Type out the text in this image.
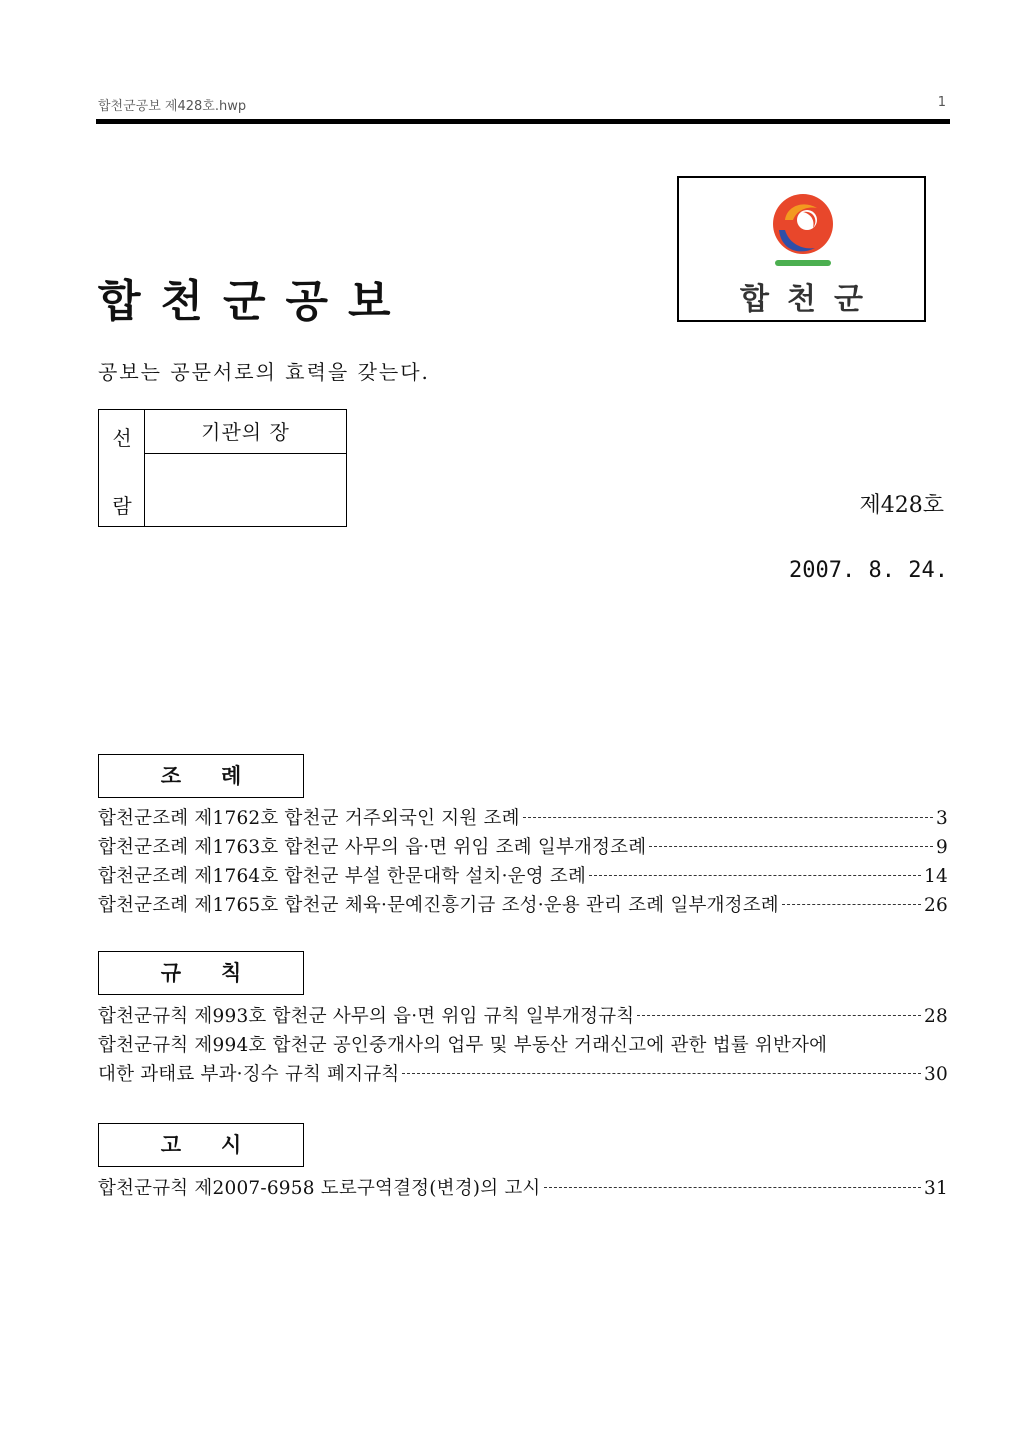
합천군공보 제428호.hwp	1
합천군공보
공보는 공문서로의 효력을 갖는다.
합천군
선
람
기관의 장
제428호
2007. 8. 24.
조례
합천군조례 제1762호 합천군 거주외국인 지원 조례	3
합천군조례 제1763호 합천군 사무의 읍·면 위임 조례 일부개정조례	9
합천군조례 제1764호 합천군 부설 한문대학 설치·운영 조례	14
합천군조례 제1765호 합천군 체육·문예진흥기금 조성·운용 관리 조례 일부개정조례	26
규칙
합천군규칙 제993호 합천군 사무의 읍·면 위임 규칙 일부개정규칙	28
합천군규칙 제994호 합천군 공인중개사의 업무 및 부동산 거래신고에 관한 법률 위반자에
대한 과태료 부과·징수 규칙 폐지규칙	30
고시
합천군규칙 제2007-6958 도로구역결정(변경)의 고시	31
